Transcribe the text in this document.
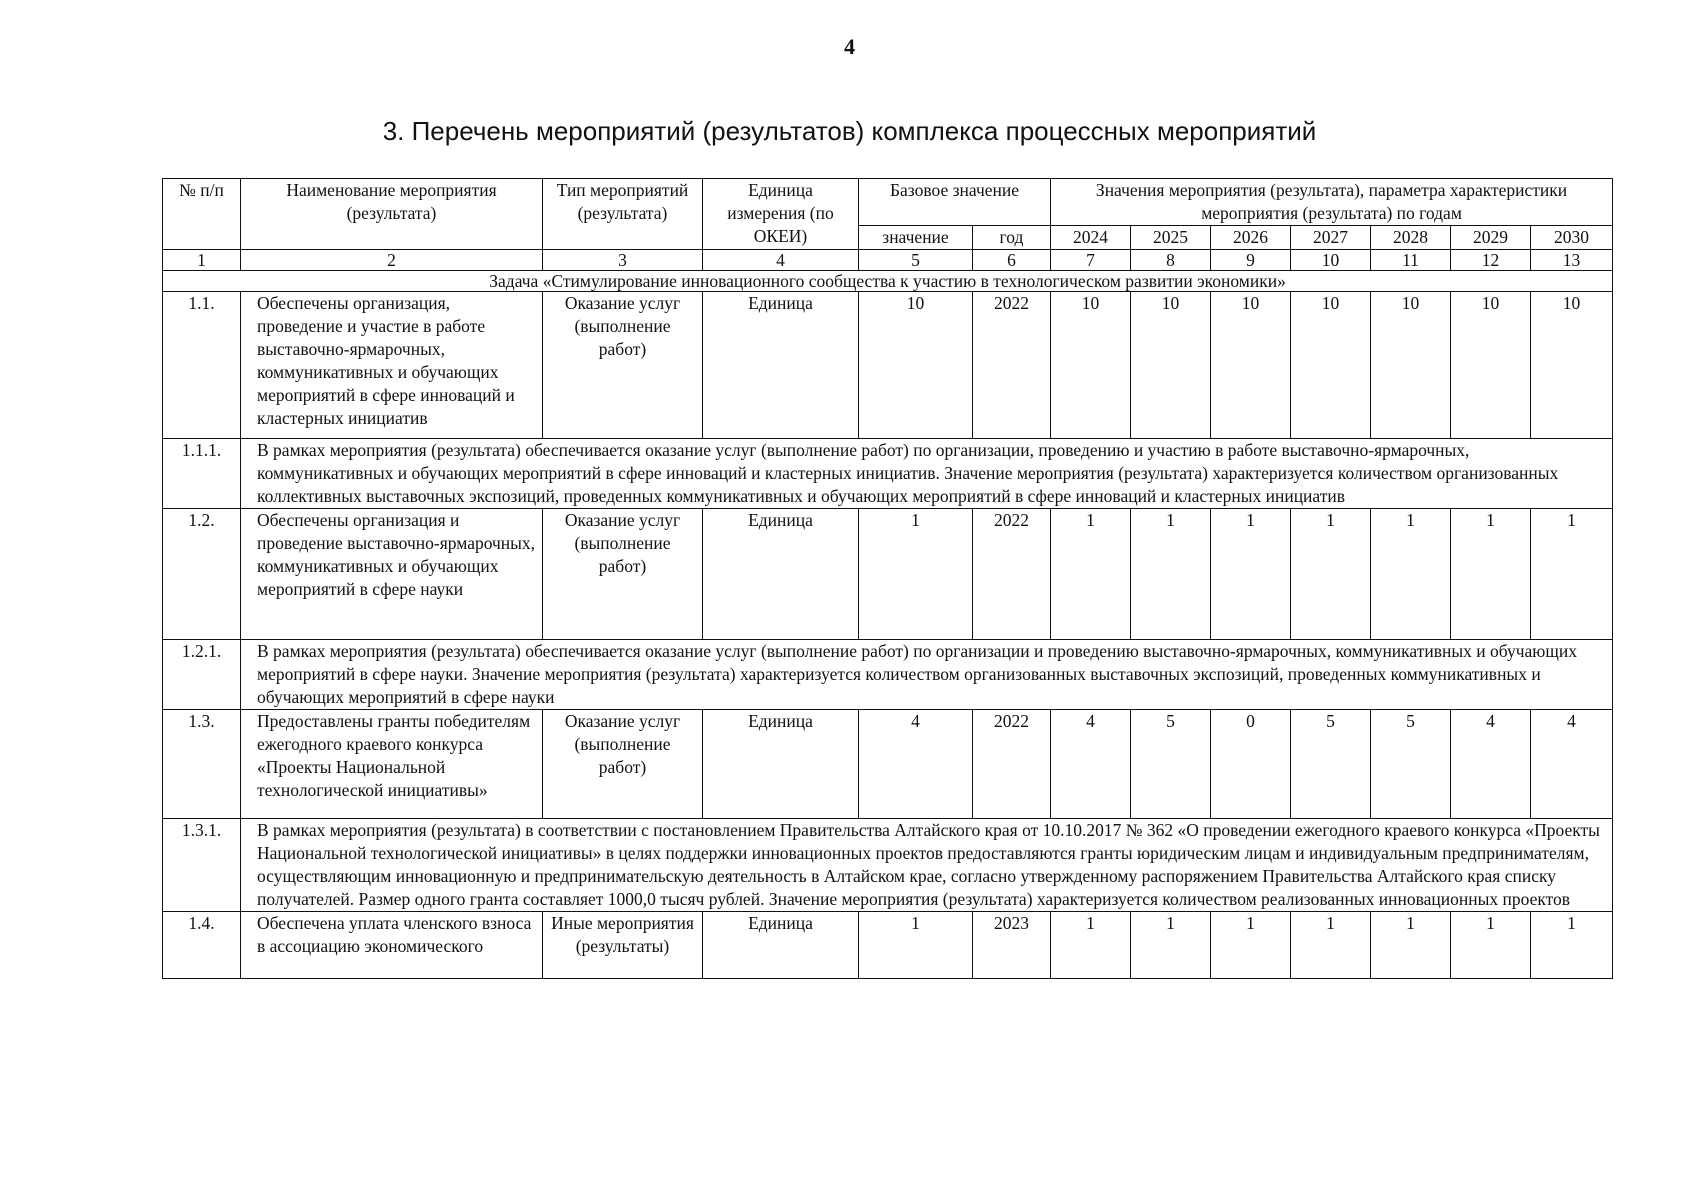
4
3. Перечень мероприятий (результатов) комплекса процессных мероприятий
№ п/п	Наименование мероприятия (результата)	Тип мероприятий (результата)	Единица измерения (по ОКЕИ)	Базовое значение		Значения мероприятия (результата), параметра характеристики мероприятия (результата) по годам						
				значение	год	2024	2025	2026	2027	2028	2029	2030
1	2	3	4	5	6	7	8	9	10	11	12	13
Задача «Стимулирование инновационного сообщества к участию в технологическом развитии экономики»												
1.1.	Обеспечены организация, проведение и участие в работе выставочно-ярмарочных, коммуникативных и обучающих мероприятий в сфере инноваций и кластерных инициатив	Оказание услуг (выполнение работ)	Единица	10	2022	10	10	10	10	10	10	10
1.1.1.	В рамках мероприятия (результата) обеспечивается оказание услуг (выполнение работ) по организации, проведению и участию в работе выставочно-ярмарочных, коммуникативных и обучающих мероприятий в сфере инноваций и кластерных инициатив. Значение мероприятия (результата) характеризуется количеством организованных коллективных выставочных экспозиций, проведенных коммуникативных и обучающих мероприятий в сфере инноваций и кластерных инициатив											
1.2.	Обеспечены организация и проведение выставочно-ярмарочных, коммуникативных и обучающих мероприятий в сфере науки	Оказание услуг (выполнение работ)	Единица	1	2022	1	1	1	1	1	1	1
1.2.1.	В рамках мероприятия (результата) обеспечивается оказание услуг (выполнение работ) по организации и проведению выставочно-ярмарочных, коммуникативных и обучающих мероприятий в сфере науки. Значение мероприятия (результата) характеризуется количеством организованных выставочных экспозиций, проведенных коммуникативных и обучающих мероприятий в сфере науки											
1.3.	Предоставлены гранты победителям ежегодного краевого конкурса «Проекты Национальной технологической инициативы»	Оказание услуг (выполнение работ)	Единица	4	2022	4	5	0	5	5	4	4
1.3.1.	В рамках мероприятия (результата) в соответствии с постановлением Правительства Алтайского края от 10.10.2017 № 362 «О проведении ежегодного краевого конкурса «Проекты Национальной технологической инициативы» в целях поддержки инновационных проектов предоставляются гранты юридическим лицам и индивидуальным предпринимателям, осуществляющим инновационную и предпринимательскую деятельность в Алтайском крае, согласно утвержденному распоряжением Правительства Алтайского края списку получателей. Размер одного гранта составляет 1000,0 тысяч рублей. Значение мероприятия (результата) характеризуется количеством реализованных инновационных проектов											
1.4.	Обеспечена уплата членского взноса в ассоциацию экономического	Иные мероприятия (результаты)	Единица	1	2023	1	1	1	1	1	1	1
